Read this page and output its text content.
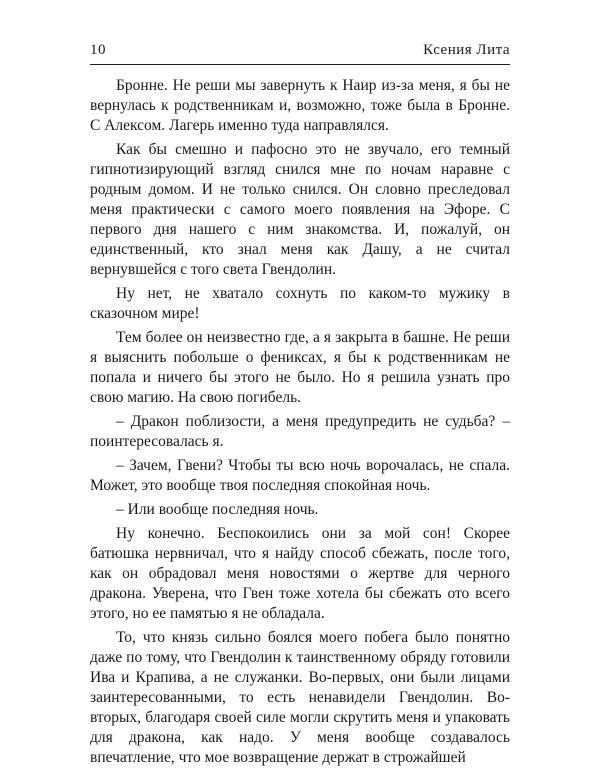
10	Ксения Лита

Бронне. Не реши мы завернуть к Наир из-за меня, я бы не вернулась к родственникам и, возможно, тоже была в Бронне. С Алексом. Лагерь именно туда направлялся.

Как бы смешно и пафосно это не звучало, его темный гипнотизирующий взгляд снился мне по ночам наравне с родным домом. И не только снился. Он словно преследовал меня практически с самого моего появления на Эфоре. С первого дня нашего с ним знакомства. И, пожалуй, он единственный, кто знал меня как Дашу, а не считал вернувшейся с того света Гвендолин.

Ну нет, не хватало сохнуть по каком-то мужику в сказочном мире!

Тем более он неизвестно где, а я закрыта в башне. Не реши я выяснить побольше о фениксах, я бы к родственникам не попала и ничего бы этого не было. Но я решила узнать про свою магию. На свою погибель.

– Дракон поблизости, а меня предупредить не судьба? – поинтересовалась я.

– Зачем, Гвени? Чтобы ты всю ночь ворочалась, не спала. Может, это вообще твоя последняя спокойная ночь.

– Или вообще последняя ночь.

Ну конечно. Беспокоились они за мой сон! Скорее батюшка нервничал, что я найду способ сбежать, после того, как он обрадовал меня новостями о жертве для черного дракона. Уверена, что Гвен тоже хотела бы сбежать ото всего этого, но ее памятью я не обладала.

То, что князь сильно боялся моего побега было понятно даже по тому, что Гвендолин к таинственному обряду готовили Ива и Крапива, а не служанки. Во-первых, они были лицами заинтересованными, то есть ненавидели Гвендолин. Во-вторых, благодаря своей силе могли скрутить меня и упаковать для дракона, как надо. У меня вообще создавалось впечатление, что мое возвращение держат в строжайшей
